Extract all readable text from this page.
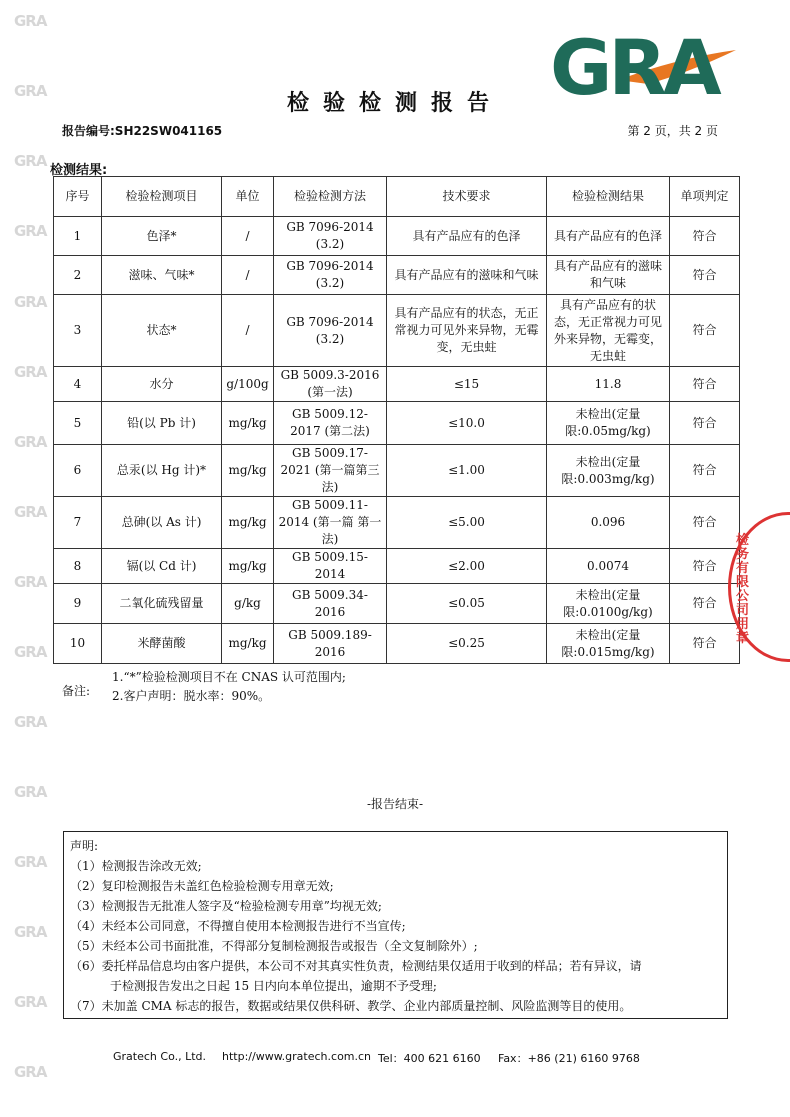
GRA
GRA
GRA
GRA
GRA
GRA
GRA
GRA
GRA
GRA
GRA
GRA
GRA
GRA
GRA
GRA
GRA
检验检测报告
报告编号:SH22SW041165	第 2 页，共 2 页
检测结果:
序号	检验检测项目	单位	检验检测方法	技术要求	检验检测结果	单项判定
1	色泽*	/	GB 7096-2014 (3.2)	具有产品应有的色泽	具有产品应有的色泽	符合
2	滋味、气味*	/	GB 7096-2014 (3.2)	具有产品应有的滋味和气味	具有产品应有的滋味和气味	符合
3	状态*	/	GB 7096-2014 (3.2)	具有产品应有的状态，无正常视力可见外来异物，无霉变，无虫蛀	具有产品应有的状态，无正常视力可见外来异物，无霉变，无虫蛀	符合
4	水分	g/100g	GB 5009.3-2016 (第一法)	≤15	11.8	符合
5	铅(以 Pb 计)	mg/kg	GB 5009.12-2017 (第二法)	≤10.0	未检出(定量限:0.05mg/kg)	符合
6	总汞(以 Hg 计)*	mg/kg	GB 5009.17-2021 (第一篇第三法)	≤1.00	未检出(定量限:0.003mg/kg)	符合
7	总砷(以 As 计)	mg/kg	GB 5009.11-2014 (第一篇 第一法)	≤5.00	0.096	符合
8	镉(以 Cd 计)	mg/kg	GB 5009.15-2014	≤2.00	0.0074	符合
9	二氧化硫残留量	g/kg	GB 5009.34-2016	≤0.05	未检出(定量限:0.0100g/kg)	符合
10	米酵菌酸	mg/kg	GB 5009.189-2016	≤0.25	未检出(定量限:0.015mg/kg)	符合
检务有限公司用章
备注:
1.“*”检验检测项目不在 CNAS 认可范围内;
2.客户声明：脱水率：90%。
-报告结束-

声明:

（1）检测报告涂改无效;

（2）复印检测报告未盖红色检验检测专用章无效;

（3）检测报告无批准人签字及“检验检测专用章”均视无效;

（4）未经本公司同意，不得擅自使用本检测报告进行不当宣传;

（5）未经本公司书面批准，不得部分复制检测报告或报告（全文复制除外）;

（6）委托样品信息均由客户提供，本公司不对其真实性负责，检测结果仅适用于收到的样品；若有异议，请

于检测报告发出之日起 15 日内向本单位提出，逾期不予受理;

（7）未加盖 CMA 标志的报告，数据或结果仅供科研、教学、企业内部质量控制、风险监测等目的使用。

Gratech Co., Ltd. http://www.gratech.com.cn Tel：400 621 6160 Fax：+86 (21) 6160 9768
